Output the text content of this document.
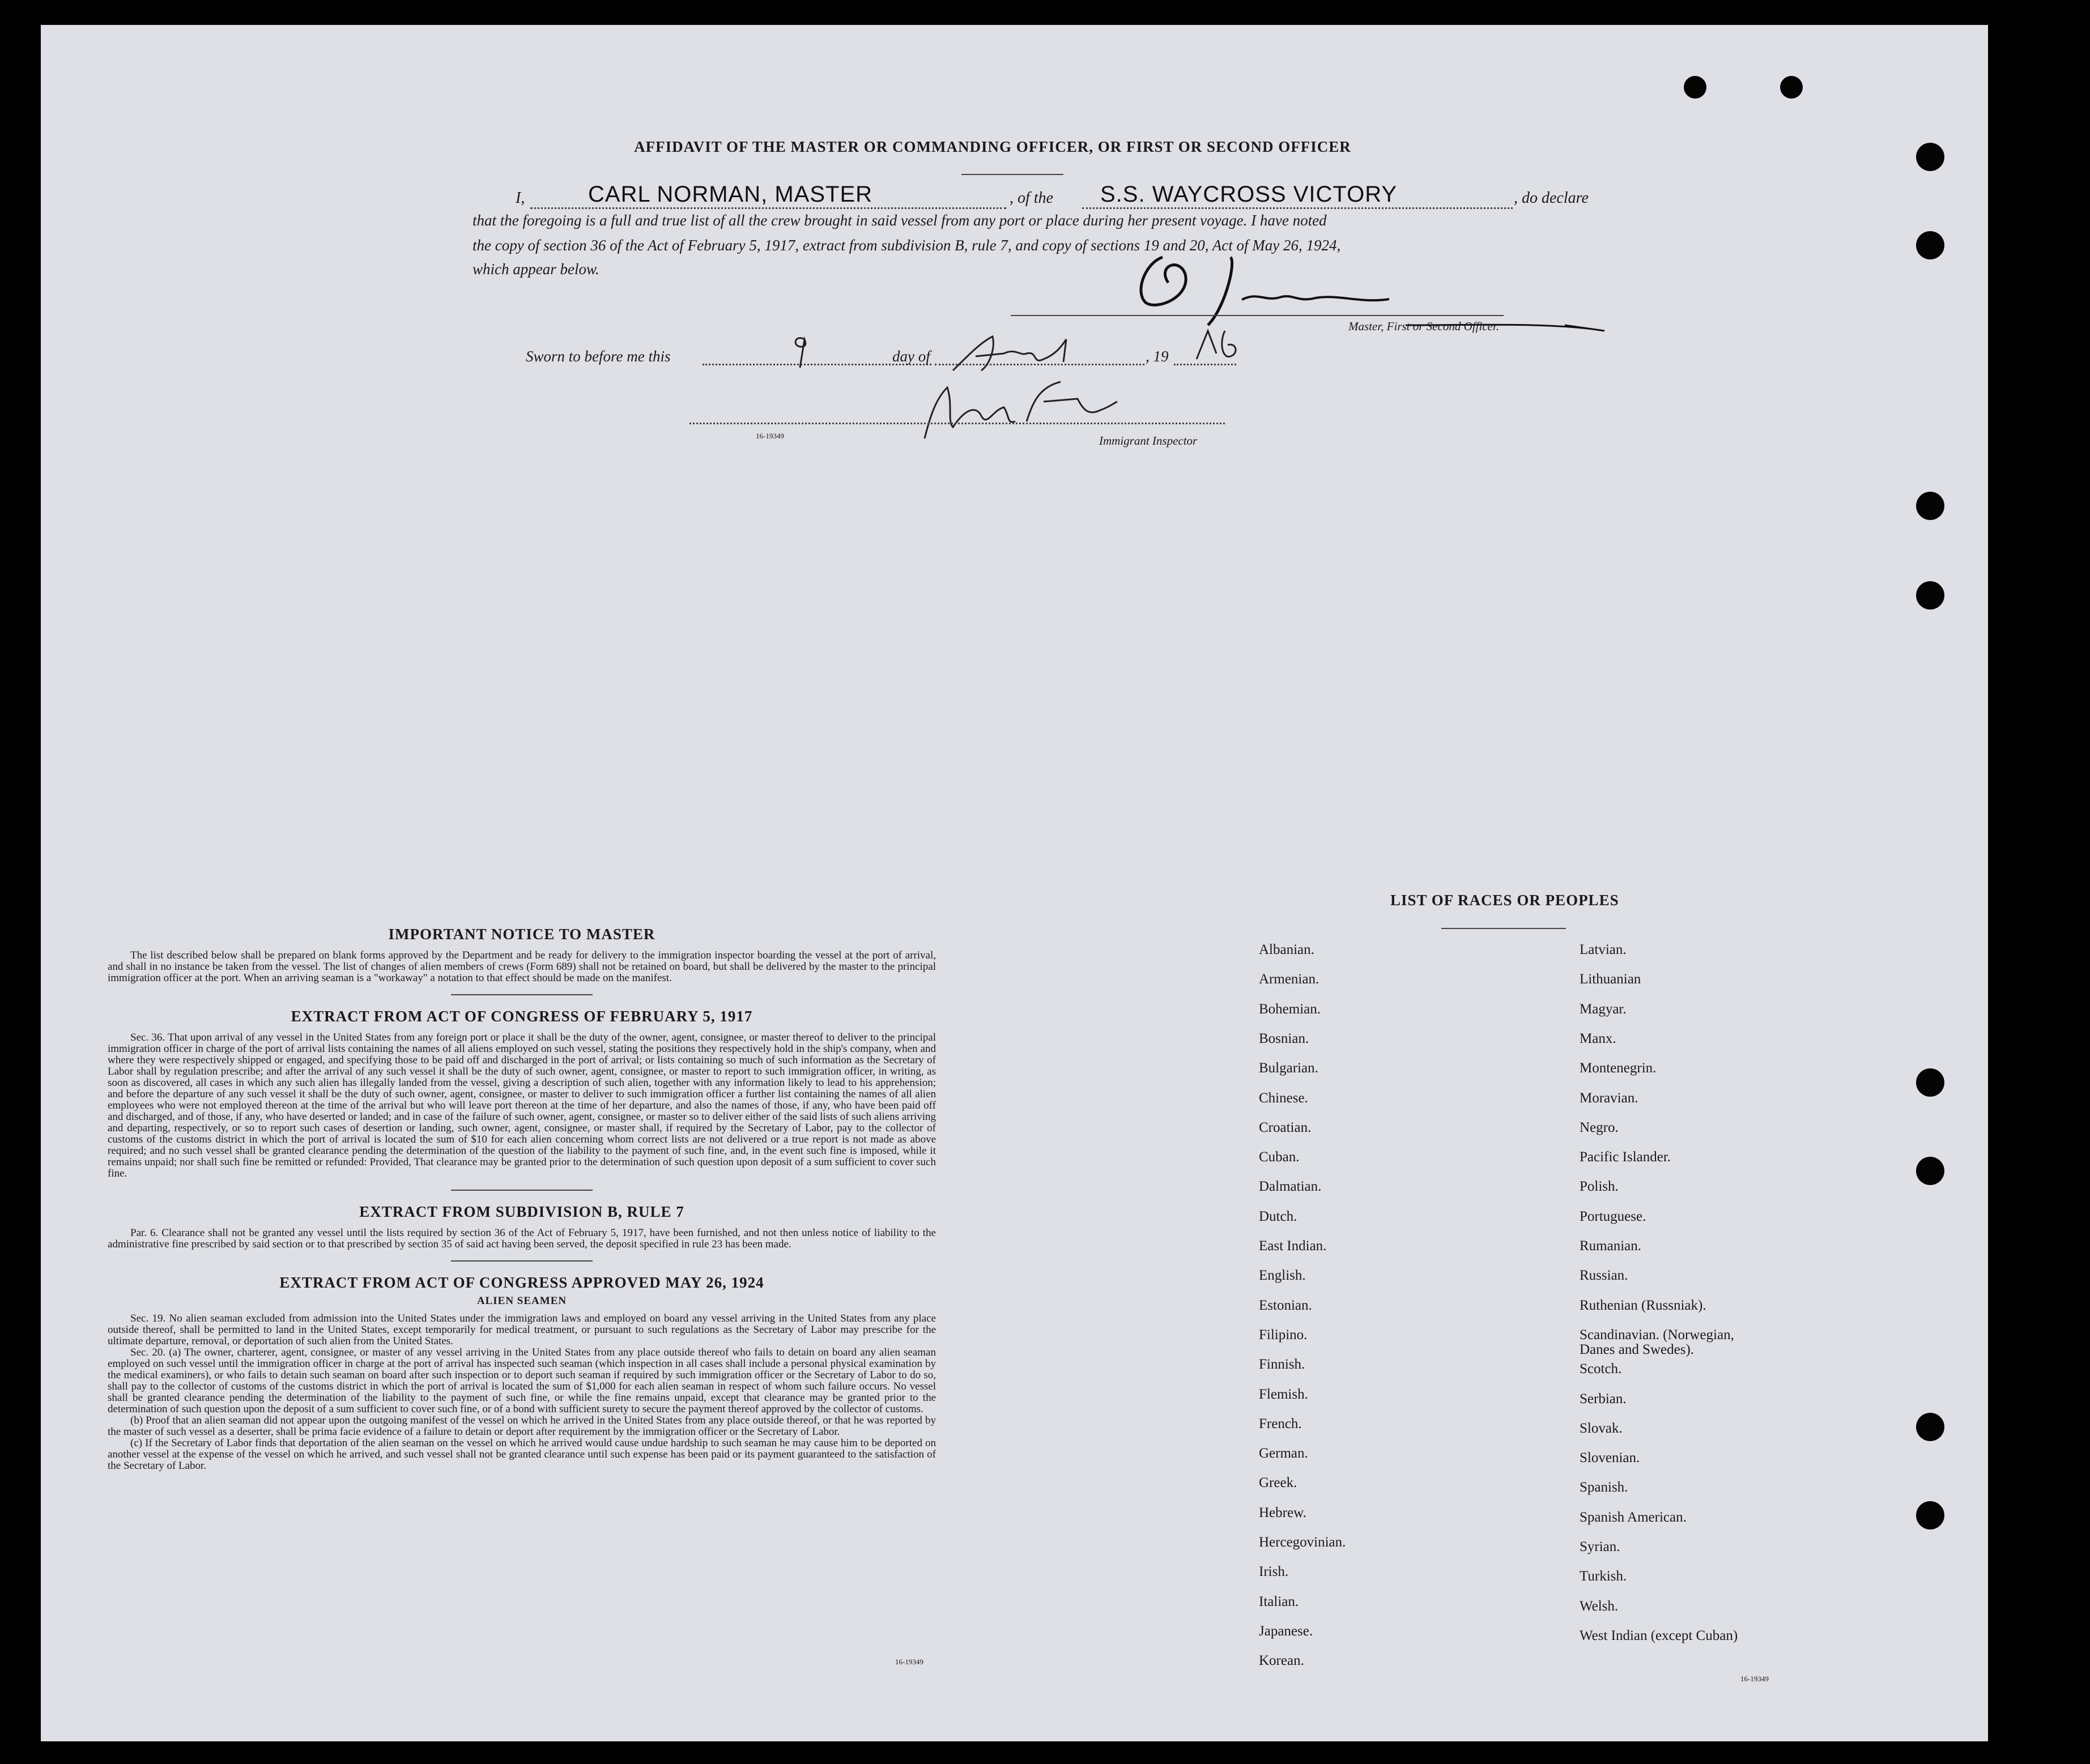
AFFIDAVIT OF THE MASTER OR COMMANDING OFFICER, OR FIRST OR SECOND OFFICER
I,	CARL NORMAN, MASTER	, of the S.S. WAYCROSS VICTORY	, do declare
that the foregoing is a full and true list of all the crew brought in said vessel from any port or place during her present voyage. I have noted
the copy of section 36 of the Act of February 5, 1917, extract from subdivision B, rule 7, and copy of sections 19 and 20, Act of May 26, 1924,
which appear below.
Master, First or Second Officer.
Sworn to before me this	day of	, 19
16-19349	Immigrant Inspector
IMPORTANT NOTICE TO MASTER
The list described below shall be prepared on blank forms approved by the Department and be ready for delivery to the immigration inspector boarding the vessel at the port of arrival, and shall in no instance be taken from the vessel. The list of changes of alien members of crews (Form 689) shall not be retained on board, but shall be delivered by the master to the principal immigration officer at the port. When an arriving seaman is a "workaway" a notation to that effect should be made on the manifest.
EXTRACT FROM ACT OF CONGRESS OF FEBRUARY 5, 1917
Sec. 36. That upon arrival of any vessel in the United States from any foreign port or place it shall be the duty of the owner, agent, consignee, or master thereof to deliver to the principal immigration officer in charge of the port of arrival lists containing the names of all aliens employed on such vessel, stating the positions they respectively hold in the ship's company, when and where they were respectively shipped or engaged, and specifying those to be paid off and discharged in the port of arrival; or lists containing so much of such information as the Secretary of Labor shall by regulation prescribe; and after the arrival of any such vessel it shall be the duty of such owner, agent, consignee, or master to report to such immigration officer, in writing, as soon as discovered, all cases in which any such alien has illegally landed from the vessel, giving a description of such alien, together with any information likely to lead to his apprehension; and before the departure of any such vessel it shall be the duty of such owner, agent, consignee, or master to deliver to such immigration officer a further list containing the names of all alien employees who were not employed thereon at the time of the arrival but who will leave port thereon at the time of her departure, and also the names of those, if any, who have been paid off and discharged, and of those, if any, who have deserted or landed; and in case of the failure of such owner, agent, consignee, or master so to deliver either of the said lists of such aliens arriving and departing, respectively, or so to report such cases of desertion or landing, such owner, agent, consignee, or master shall, if required by the Secretary of Labor, pay to the collector of customs of the customs district in which the port of arrival is located the sum of $10 for each alien concerning whom correct lists are not delivered or a true report is not made as above required; and no such vessel shall be granted clearance pending the determination of the question of the liability to the payment of such fine, and, in the event such fine is imposed, while it remains unpaid; nor shall such fine be remitted or refunded: Provided, That clearance may be granted prior to the determination of such question upon deposit of a sum sufficient to cover such fine.
EXTRACT FROM SUBDIVISION B, RULE 7
Par. 6. Clearance shall not be granted any vessel until the lists required by section 36 of the Act of February 5, 1917, have been furnished, and not then unless notice of liability to the administrative fine prescribed by said section or to that prescribed by section 35 of said act having been served, the deposit specified in rule 23 has been made.
EXTRACT FROM ACT OF CONGRESS APPROVED MAY 26, 1924
ALIEN SEAMEN
Sec. 19. No alien seaman excluded from admission into the United States under the immigration laws and employed on board any vessel arriving in the United States from any place outside thereof, shall be permitted to land in the United States, except temporarily for medical treatment, or pursuant to such regulations as the Secretary of Labor may prescribe for the ultimate departure, removal, or deportation of such alien from the United States.
Sec. 20. (a) The owner, charterer, agent, consignee, or master of any vessel arriving in the United States from any place outside thereof who fails to detain on board any alien seaman employed on such vessel until the immigration officer in charge at the port of arrival has inspected such seaman (which inspection in all cases shall include a personal physical examination by the medical examiners), or who fails to detain such seaman on board after such inspection or to deport such seaman if required by such immigration officer or the Secretary of Labor to do so, shall pay to the collector of customs of the customs district in which the port of arrival is located the sum of $1,000 for each alien seaman in respect of whom such failure occurs. No vessel shall be granted clearance pending the determination of the liability to the payment of such fine, or while the fine remains unpaid, except that clearance may be granted prior to the determination of such question upon the deposit of a sum sufficient to cover such fine, or of a bond with sufficient surety to secure the payment thereof approved by the collector of customs.
(b) Proof that an alien seaman did not appear upon the outgoing manifest of the vessel on which he arrived in the United States from any place outside thereof, or that he was reported by the master of such vessel as a deserter, shall be prima facie evidence of a failure to detain or deport after requirement by the immigration officer or the Secretary of Labor.
(c) If the Secretary of Labor finds that deportation of the alien seaman on the vessel on which he arrived would cause undue hardship to such seaman he may cause him to be deported on another vessel at the expense of the vessel on which he arrived, and such vessel shall not be granted clearance until such expense has been paid or its payment guaranteed to the satisfaction of the Secretary of Labor.
16-19349
LIST OF RACES OR PEOPLES
Albanian.
Armenian.
Bohemian.
Bosnian.
Bulgarian.
Chinese.
Croatian.
Cuban.
Dalmatian.
Dutch.
East Indian.
English.
Estonian.
Filipino.
Finnish.
Flemish.
French.
German.
Greek.
Hebrew.
Hercegovinian.
Irish.
Italian.
Japanese.
Korean.
Latvian.
Lithuanian
Magyar.
Manx.
Montenegrin.
Moravian.
Negro.
Pacific Islander.
Polish.
Portuguese.
Rumanian.
Russian.
Ruthenian (Russniak).
Scandinavian. (Norwegian,
Danes and Swedes).
Scotch.
Serbian.
Slovak.
Slovenian.
Spanish.
Spanish American.
Syrian.
Turkish.
Welsh.
West Indian (except Cuban)
16-19349
